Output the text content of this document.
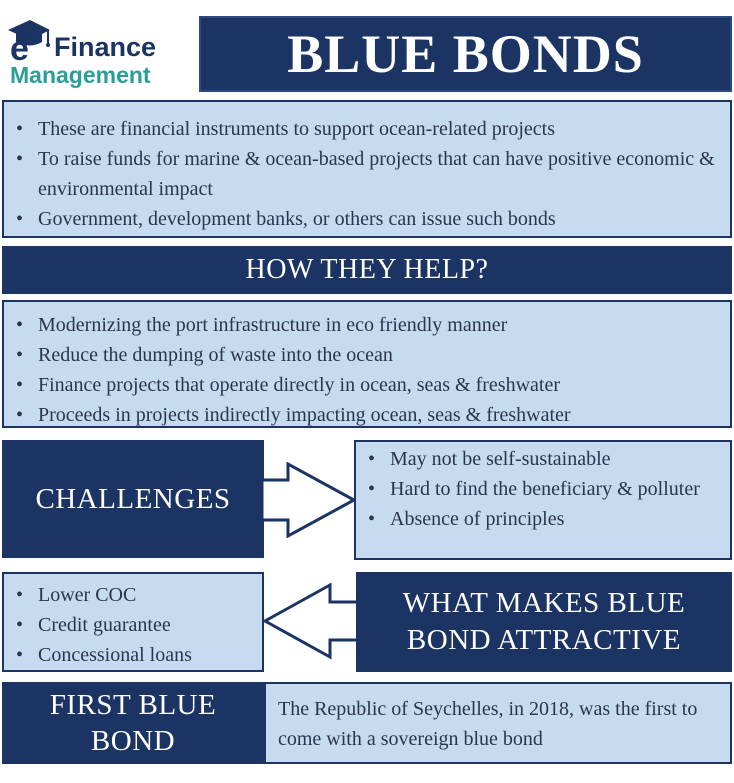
e Finance
Management	BLUE BONDS
• These are financial instruments to support ocean-related projects
• To raise funds for marine & ocean-based projects that can have positive economic & environmental impact
• Government, development banks, or others can issue such bonds
HOW THEY HELP?
• Modernizing the port infrastructure in eco friendly manner
• Reduce the dumping of waste into the ocean
• Finance projects that operate directly in ocean, seas & freshwater
• Proceeds in projects indirectly impacting ocean, seas & freshwater
CHALLENGES
• May not be self-sustainable
• Hard to find the beneficiary & polluter
• Absence of principles
• Lower COC
• Credit guarantee
• Concessional loans
WHAT MAKES BLUE
BOND ATTRACTIVE
FIRST BLUE
BOND
The Republic of Seychelles, in 2018, was the first to come with a sovereign blue bond
